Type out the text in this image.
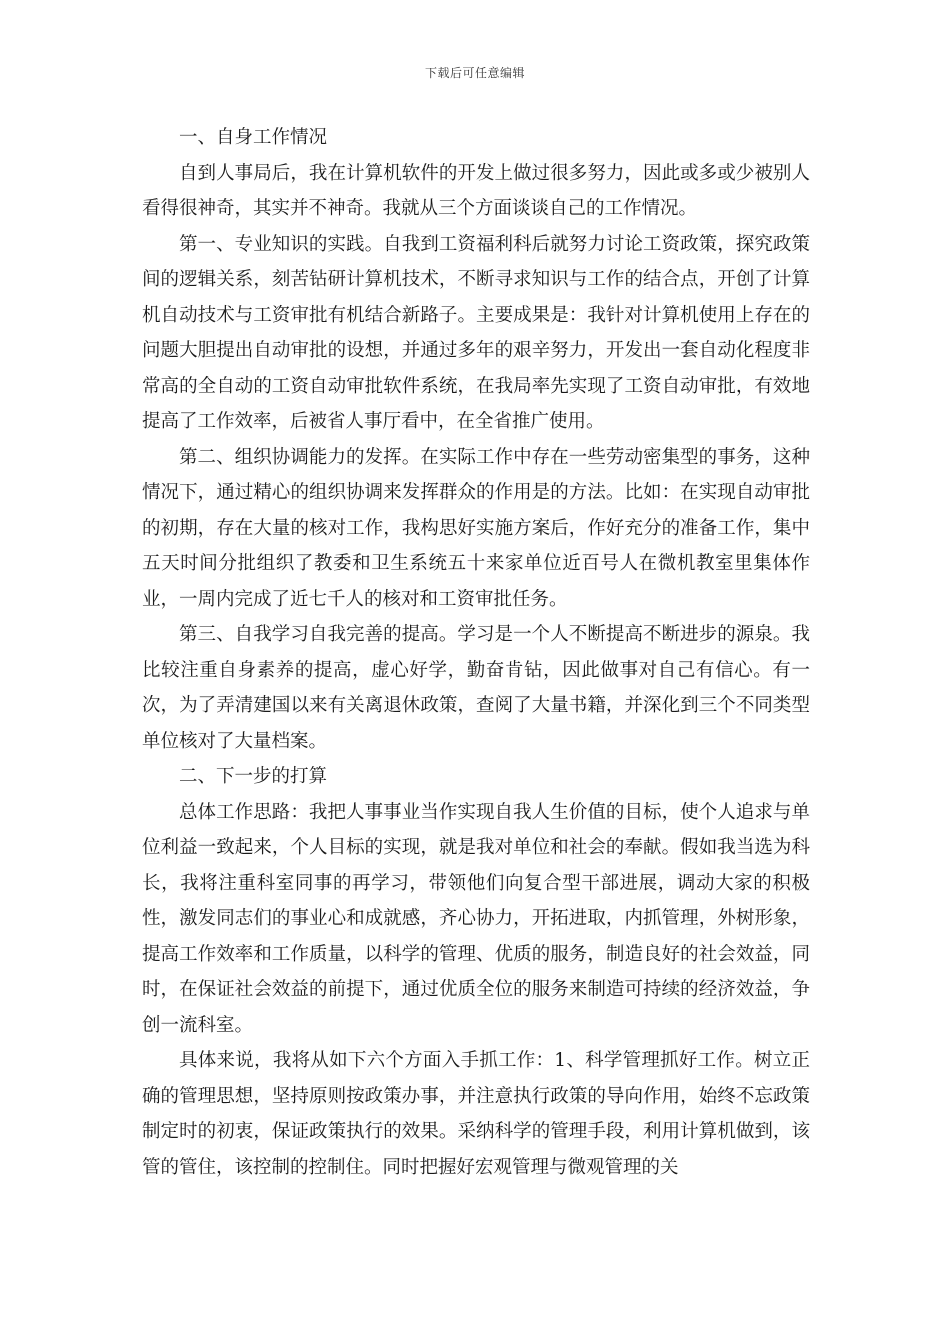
下载后可任意编辑

一、自身工作情况

自到人事局后，我在计算机软件的开发上做过很多努力，因此或多或少被别人看得很神奇，其实并不神奇。我就从三个方面谈谈自己的工作情况。

第一、专业知识的实践。自我到工资福利科后就努力讨论工资政策，探究政策间的逻辑关系，刻苦钻研计算机技术，不断寻求知识与工作的结合点，开创了计算机自动技术与工资审批有机结合新路子。主要成果是：我针对计算机使用上存在的问题大胆提出自动审批的设想，并通过多年的艰辛努力，开发出一套自动化程度非常高的全自动的工资自动审批软件系统，在我局率先实现了工资自动审批，有效地提高了工作效率，后被省人事厅看中，在全省推广使用。

第二、组织协调能力的发挥。在实际工作中存在一些劳动密集型的事务，这种情况下，通过精心的组织协调来发挥群众的作用是的方法。比如：在实现自动审批的初期，存在大量的核对工作，我构思好实施方案后，作好充分的准备工作，集中五天时间分批组织了教委和卫生系统五十来家单位近百号人在微机教室里集体作业，一周内完成了近七千人的核对和工资审批任务。

第三、自我学习自我完善的提高。学习是一个人不断提高不断进步的源泉。我比较注重自身素养的提高，虚心好学，勤奋肯钻，因此做事对自己有信心。有一次，为了弄清建国以来有关离退休政策，查阅了大量书籍，并深化到三个不同类型单位核对了大量档案。

二、下一步的打算

总体工作思路：我把人事事业当作实现自我人生价值的目标，使个人追求与单位利益一致起来，个人目标的实现，就是我对单位和社会的奉献。假如我当选为科长，我将注重科室同事的再学习，带领他们向复合型干部进展，调动大家的积极性，激发同志们的事业心和成就感，齐心协力，开拓进取，内抓管理，外树形象，提高工作效率和工作质量，以科学的管理、优质的服务，制造良好的社会效益，同时，在保证社会效益的前提下，通过优质全位的服务来制造可持续的经济效益，争创一流科室。

具体来说，我将从如下六个方面入手抓工作：1、科学管理抓好工作。树立正确的管理思想，坚持原则按政策办事，并注意执行政策的导向作用，始终不忘政策制定时的初衷，保证政策执行的效果。采纳科学的管理手段，利用计算机做到，该管的管住，该控制的控制住。同时把握好宏观管理与微观管理的关
